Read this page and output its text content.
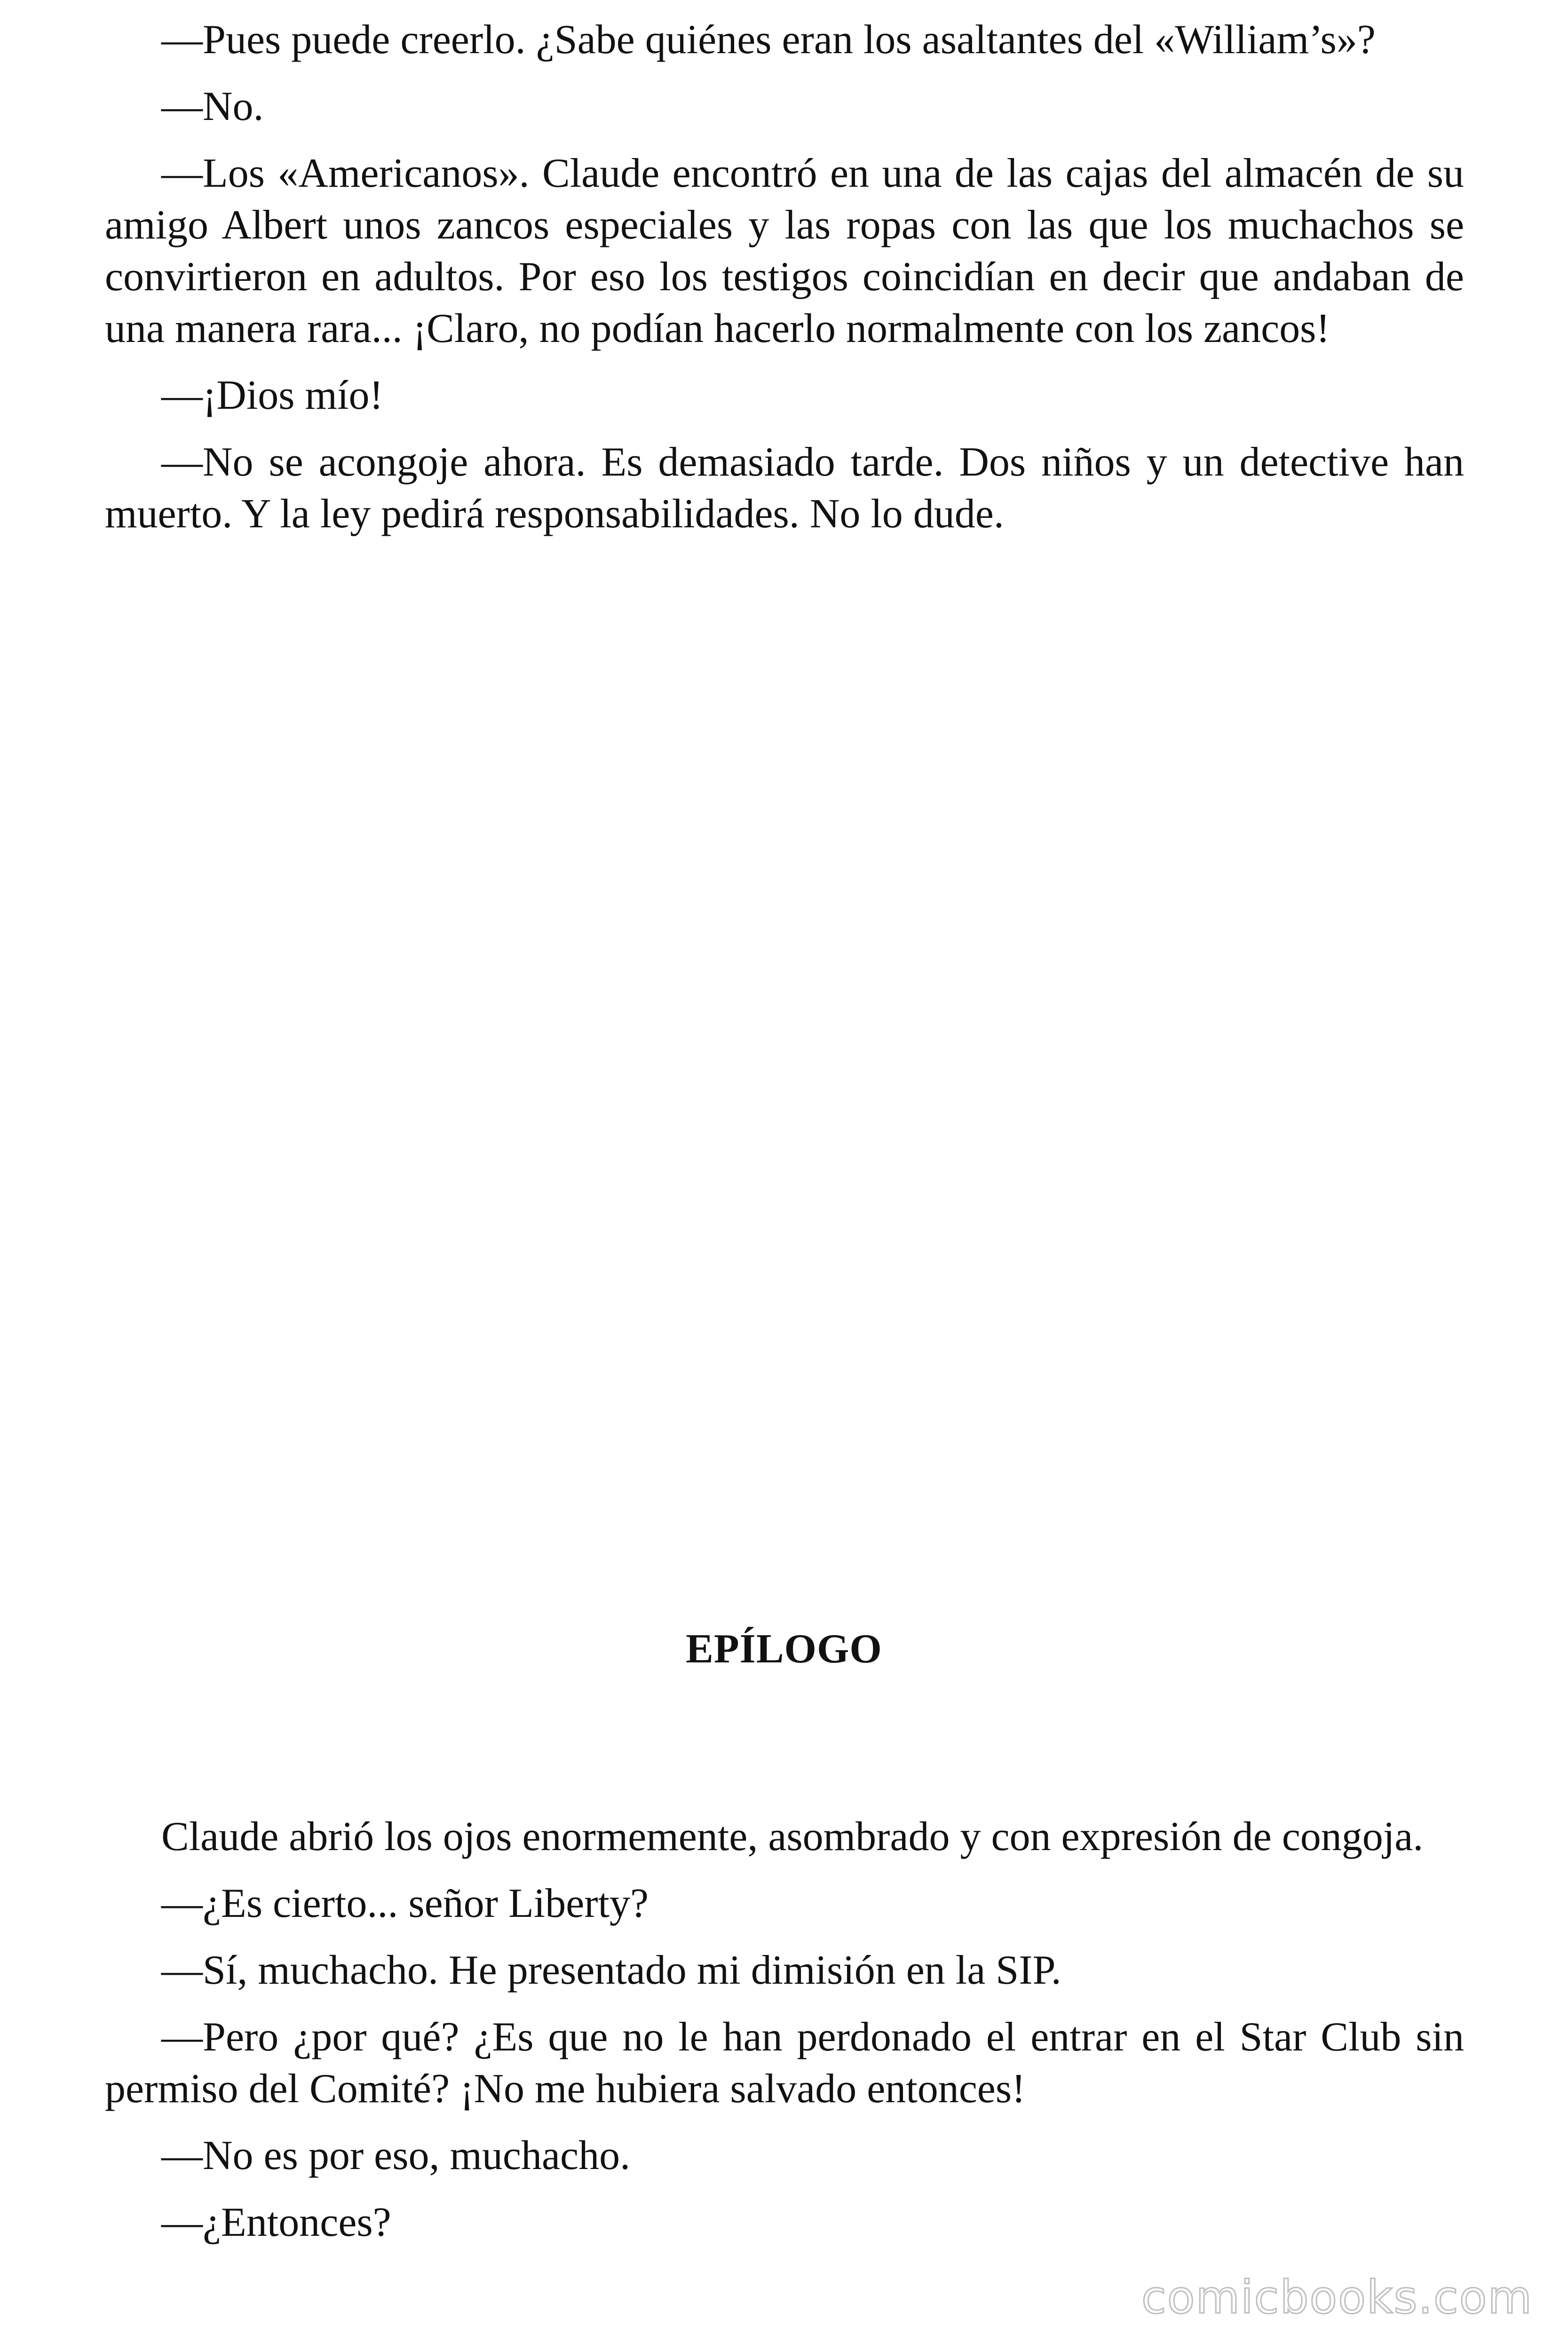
—Pues puede creerlo. ¿Sabe quiénes eran los asaltantes del «William’s»?

—No.

—Los «Americanos». Claude encontró en una de las cajas del almacén de su amigo Albert unos zancos especiales y las ropas con las que los muchachos se convirtieron en adultos. Por eso los testigos coincidían en decir que andaban de una manera rara... ¡Claro, no podían hacerlo normalmente con los zancos!

—¡Dios mío!

—No se acongoje ahora. Es demasiado tarde. Dos niños y un detective han muerto. Y la ley pedirá responsabilidades. No lo dude.

EPÍLOGO

Claude abrió los ojos enormemente, asombrado y con expresión de congoja.

—¿Es cierto... señor Liberty?

—Sí, muchacho. He presentado mi dimisión en la SIP.

—Pero ¿por qué? ¿Es que no le han perdonado el entrar en el Star Club sin permiso del Comité? ¡No me hubiera salvado entonces!

—No es por eso, muchacho.

—¿Entonces?

comicbooks.com
